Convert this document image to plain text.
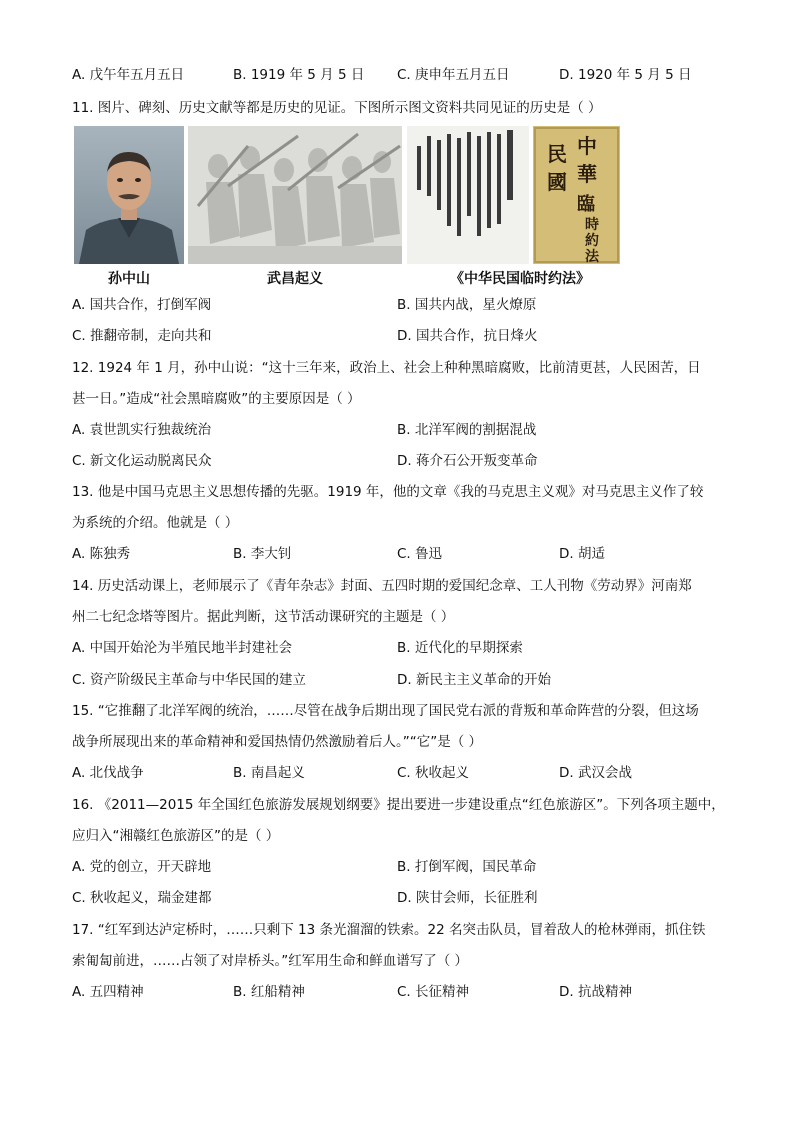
A. 戊午年五月五日	B. 1919 年 5 月 5 日 C. 庚申年五月五日	D. 1920 年 5 月 5 日
11. 图片、碑刻、历史文献等都是历史的见证。下图所示图文资料共同见证的历史是（ ）
中
華
民
國
臨
時
約
法
孙中山	武昌起义	《中华民国临时约法》
A. 国共合作，打倒军阀	B. 国共内战，星火燎原
C. 推翻帝制，走向共和	D. 国共合作，抗日烽火
12. 1924 年 1 月，孙中山说：“这十三年来，政治上、社会上种种黑暗腐败，比前清更甚，人民困苦，日
甚一日。”造成“社会黑暗腐败”的主要原因是（ ）
A. 袁世凯实行独裁统治	B. 北洋军阀的割据混战
C. 新文化运动脱离民众	D. 蒋介石公开叛变革命
13. 他是中国马克思主义思想传播的先驱。1919 年，他的文章《我的马克思主义观》对马克思主义作了较
为系统的介绍。他就是（ ）
A. 陈独秀	B. 李大钊	C. 鲁迅	D. 胡适
14. 历史活动课上，老师展示了《青年杂志》封面、五四时期的爱国纪念章、工人刊物《劳动界》河南郑
州二七纪念塔等图片。据此判断，这节活动课研究的主题是（ ）
A. 中国开始沦为半殖民地半封建社会	B. 近代化的早期探索
C. 资产阶级民主革命与中华民国的建立	D. 新民主主义革命的开始
15. “它推翻了北洋军阀的统治，……尽管在战争后期出现了国民党右派的背叛和革命阵营的分裂，但这场
战争所展现出来的革命精神和爱国热情仍然激励着后人。”“它”是（ ）
A. 北伐战争	B. 南昌起义	C. 秋收起义	D. 武汉会战
16. 《2011—2015 年全国红色旅游发展规划纲要》提出要进一步建设重点“红色旅游区”。下列各项主题中，
应归入“湘赣红色旅游区”的是（ ）
A. 党的创立，开天辟地	B. 打倒军阀，国民革命
C. 秋收起义，瑞金建都	D. 陕甘会师，长征胜利
17. “红军到达泸定桥时，……只剩下 13 条光溜溜的铁索。22 名突击队员，冒着敌人的枪林弹雨，抓住铁
索匍匐前进，……占领了对岸桥头。”红军用生命和鲜血谱写了（ ）
A. 五四精神	B. 红船精神	C. 长征精神	D. 抗战精神
